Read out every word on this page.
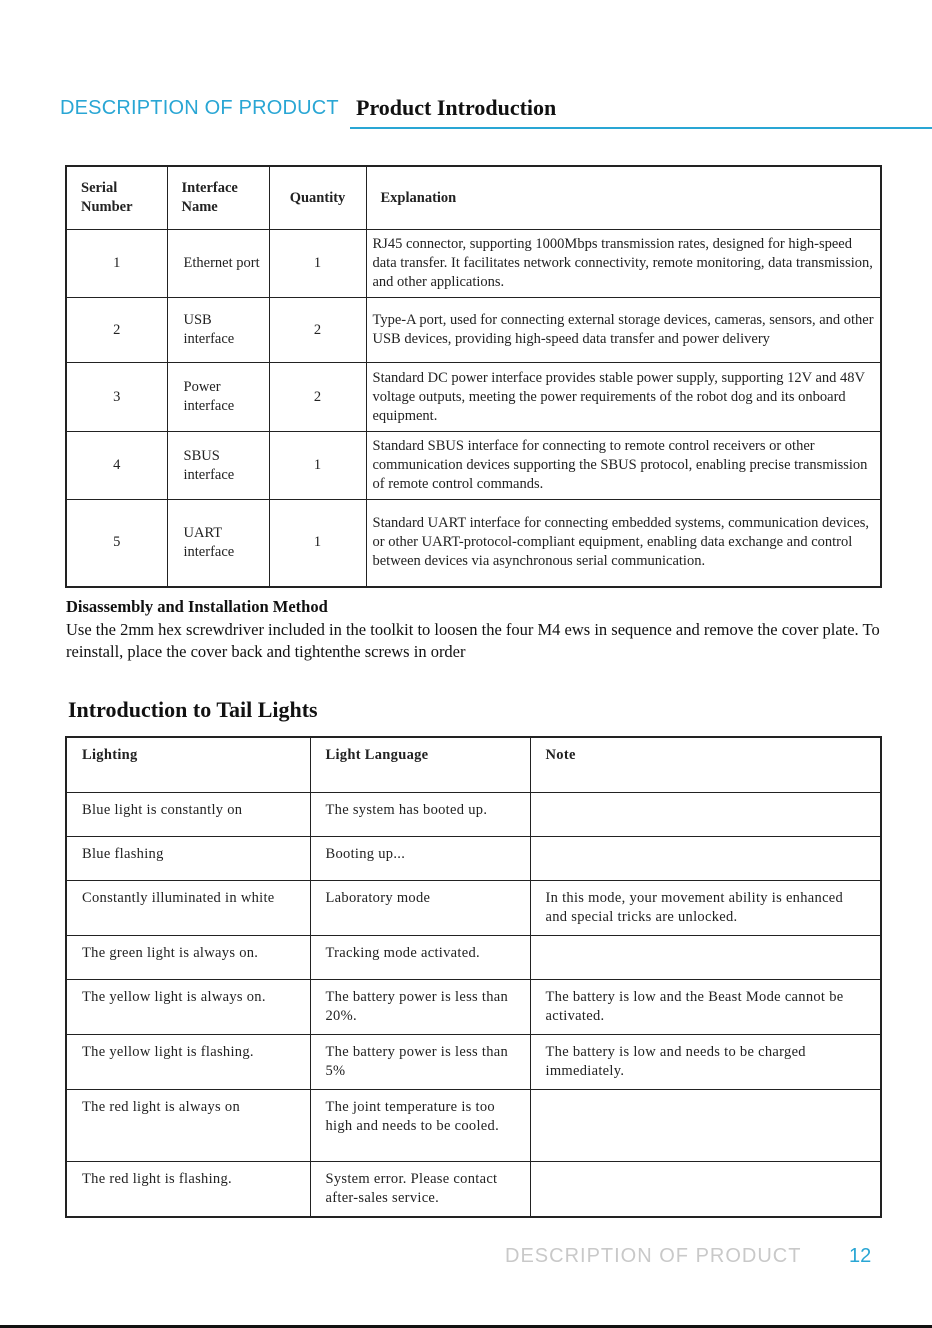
DESCRIPTION OF PRODUCT Product Introduction
Serial Number	Interface Name	Quantity	Explanation
1	Ethernet port	1	RJ45 connector, supporting 1000Mbps transmission rates, designed for high-speed data transfer. It facilitates network connectivity, remote monitoring, data transmission, and other applications.
2	USB interface	2	Type-A port, used for connecting external storage devices, cameras, sensors, and other USB devices, providing high-speed data transfer and power delivery
3	Power interface	2	Standard DC power interface provides stable power supply, supporting 12V and 48V voltage outputs, meeting the power requirements of the robot dog and its onboard equipment.
4	SBUS interface	1	Standard SBUS interface for connecting to remote control receivers or other communication devices supporting the SBUS protocol, enabling precise transmission of remote control commands.
5	UART interface	1	Standard UART interface for connecting embedded systems, communication devices, or other UART-protocol-compliant equipment, enabling data exchange and control between devices via asynchronous serial communication.
Disassembly and Installation Method
Use the 2mm hex screwdriver included in the toolkit to loosen the four M4 ews in sequence and remove the cover plate. To reinstall, place the cover back and tightenthe screws in order
Introduction to Tail Lights
Lighting	Light Language	Note
Blue light is constantly on	The system has booted up.	
Blue flashing	Booting up...	
Constantly illuminated in white	Laboratory mode	In this mode, your movement ability is enhanced and special tricks are unlocked.
The green light is always on.	Tracking mode activated.	
The yellow light is always on.	The battery power is less than 20%.	The battery is low and the Beast Mode cannot be activated.
The yellow light is flashing.	The battery power is less than 5%	The battery is low and needs to be charged immediately.
The red light is always on	The joint temperature is too high and needs to be cooled.	
The red light is flashing.	System error. Please contact after-sales service.	
DESCRIPTION OF PRODUCT 12
